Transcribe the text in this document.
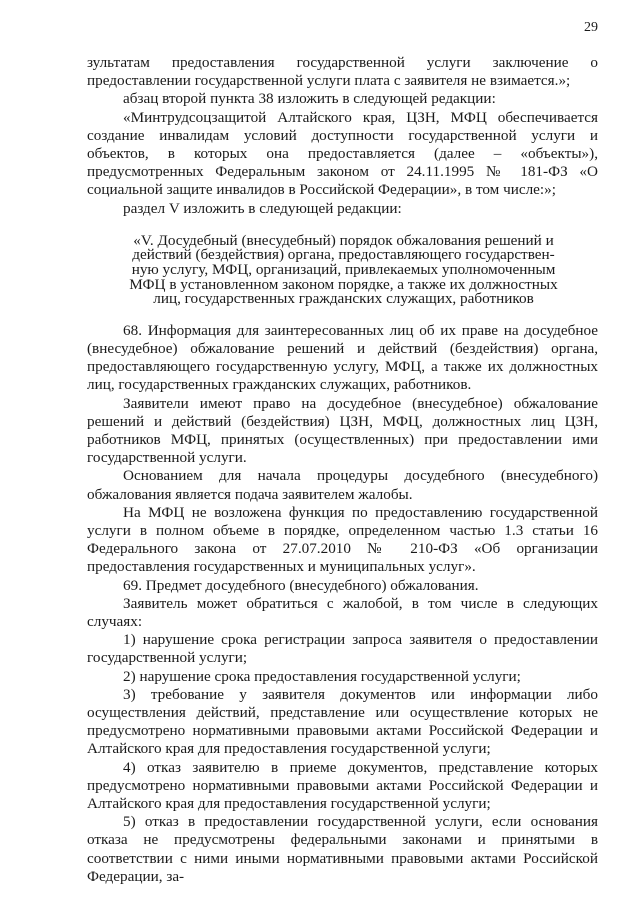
29

зультатам предоставления государственной услуги заключение о предоставлении государственной услуги плата с заявителя не взимается.»;

абзац второй пункта 38 изложить в следующей редакции:

«Минтрудсоцзащитой Алтайского края, ЦЗН, МФЦ обеспечивается создание инвалидам условий доступности государственной услуги и объектов, в которых она предоставляется (далее – «объекты»), предусмотренных Федеральным законом от 24.11.1995 № 181-ФЗ «О социальной защите инвалидов в Российской Федерации», в том числе:»;

раздел V изложить в следующей редакции:

«V. Досудебный (внесудебный) порядок обжалования решений и
действий (бездействия) органа, предоставляющего государствен-
ную услугу, МФЦ, организаций, привлекаемых уполномоченным
МФЦ в установленном законом порядке, а также их должностных
лиц, государственных гражданских служащих, работников

68. Информация для заинтересованных лиц об их праве на досудебное (внесудебное) обжалование решений и действий (бездействия) органа, предоставляющего государственную услугу, МФЦ, а также их должностных лиц, государственных гражданских служащих, работников.

Заявители имеют право на досудебное (внесудебное) обжалование решений и действий (бездействия) ЦЗН, МФЦ, должностных лиц ЦЗН, работников МФЦ, принятых (осуществленных) при предоставлении ими государственной услуги.

Основанием для начала процедуры досудебного (внесудебного) обжалования является подача заявителем жалобы.

На МФЦ не возложена функция по предоставлению государственной услуги в полном объеме в порядке, определенном частью 1.3 статьи 16 Федерального закона от 27.07.2010 № 210-ФЗ «Об организации предоставления государственных и муниципальных услуг».

69. Предмет досудебного (внесудебного) обжалования.

Заявитель может обратиться с жалобой, в том числе в следующих случаях:

1) нарушение срока регистрации запроса заявителя о предоставлении государственной услуги;

2) нарушение срока предоставления государственной услуги;

3) требование у заявителя документов или информации либо осуществления действий, представление или осуществление которых не предусмотрено нормативными правовыми актами Российской Федерации и Алтайского края для предоставления государственной услуги;

4) отказ заявителю в приеме документов, представление которых предусмотрено нормативными правовыми актами Российской Федерации и Алтайского края для предоставления государственной услуги;

5) отказ в предоставлении государственной услуги, если основания отказа не предусмотрены федеральными законами и принятыми в соответствии с ними иными нормативными правовыми актами Российской Федерации, за-
